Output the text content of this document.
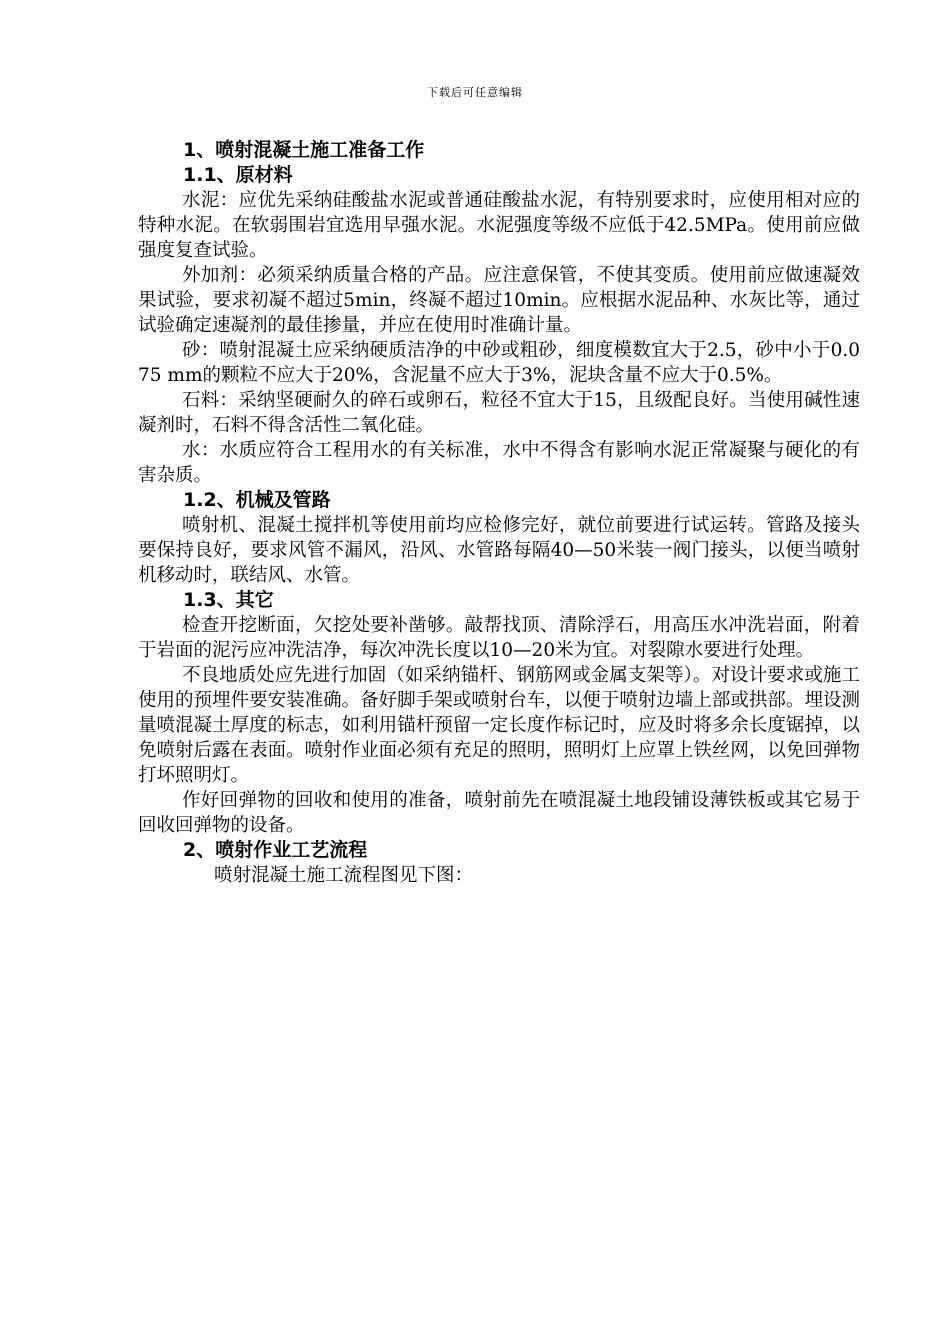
下载后可任意编辑
1、喷射混凝土施工准备工作
1.1、原材料

水泥：应优先采纳硅酸盐水泥或普通硅酸盐水泥，有特别要求时，应使用相对应的特种水泥。在软弱围岩宜选用早强水泥。水泥强度等级不应低于42.5MPa。使用前应做强度复查试验。

外加剂：必须采纳质量合格的产品。应注意保管，不使其变质。使用前应做速凝效果试验，要求初凝不超过5min，终凝不超过10min。应根据水泥品种、水灰比等，通过试验确定速凝剂的最佳掺量，并应在使用时准确计量。

砂：喷射混凝土应采纳硬质洁净的中砂或粗砂，细度模数宜大于2.5，砂中小于0.075 mm的颗粒不应大于20%，含泥量不应大于3%，泥块含量不应大于0.5%。

石料：采纳坚硬耐久的碎石或卵石，粒径不宜大于15，且级配良好。当使用碱性速凝剂时，石料不得含活性二氧化硅。

水：水质应符合工程用水的有关标准，水中不得含有影响水泥正常凝聚与硬化的有害杂质。

1.2、机械及管路

喷射机、混凝土搅拌机等使用前均应检修完好，就位前要进行试运转。管路及接头要保持良好，要求风管不漏风，沿风、水管路每隔40—50米装一阀门接头，以便当喷射机移动时，联结风、水管。

1.3、其它

检查开挖断面，欠挖处要补凿够。敲帮找顶、清除浮石，用高压水冲洗岩面，附着于岩面的泥污应冲洗洁净，每次冲洗长度以10—20米为宜。对裂隙水要进行处理。

不良地质处应先进行加固（如采纳锚杆、钢筋网或金属支架等）。对设计要求或施工使用的预埋件要安装准确。备好脚手架或喷射台车，以便于喷射边墙上部或拱部。埋设测量喷混凝土厚度的标志，如利用锚杆预留一定长度作标记时，应及时将多余长度锯掉，以免喷射后露在表面。喷射作业面必须有充足的照明，照明灯上应罩上铁丝网，以免回弹物打坏照明灯。

作好回弹物的回收和使用的准备，喷射前先在喷混凝土地段铺设薄铁板或其它易于回收回弹物的设备。

2、喷射作业工艺流程

喷射混凝土施工流程图见下图：
